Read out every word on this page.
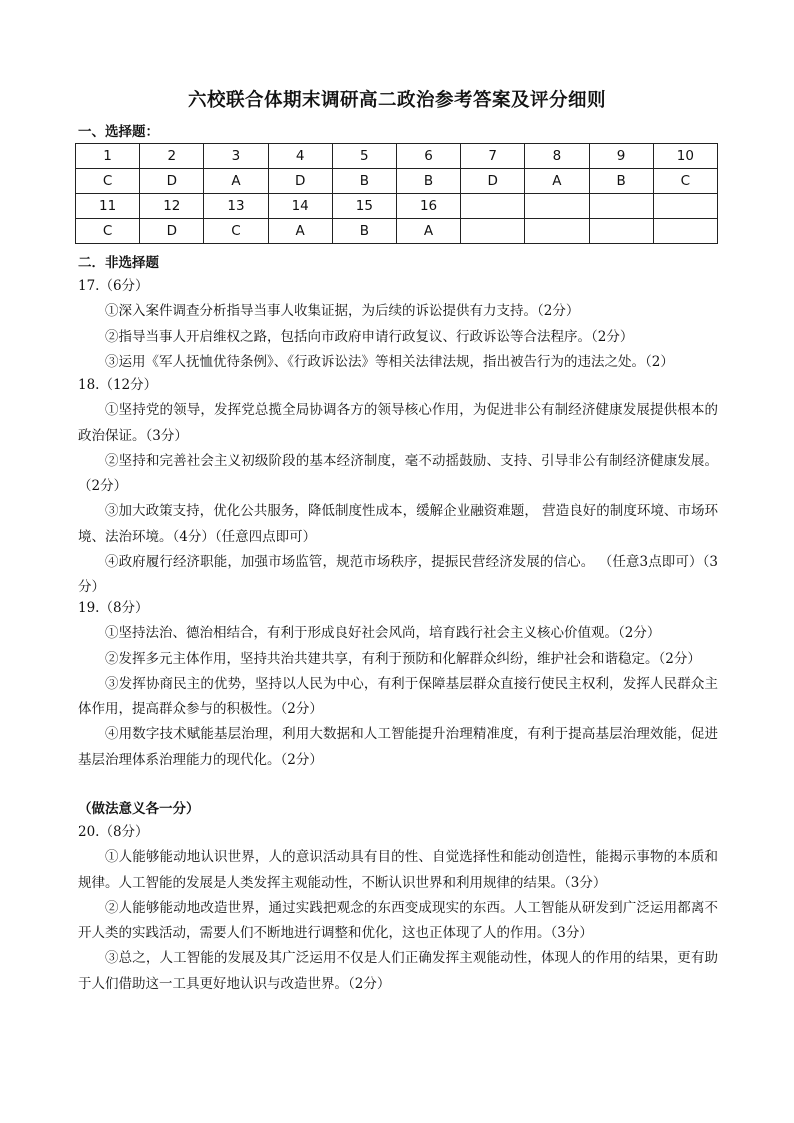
六校联合体期末调研高二政治参考答案及评分细则
一、选择题：
1	2	3	4	5	6	7	8	9	10
C	D	A	D	B	B	D	A	B	C
11	12	13	14	15	16				
C	D	C	A	B	A				
二．非选择题
17.（6分）

①深入案件调查分析指导当事人收集证据，为后续的诉讼提供有力支持。（2分）

②指导当事人开启维权之路，包括向市政府申请行政复议、行政诉讼等合法程序。（2分）

③运用《军人抚恤优待条例》、《行政诉讼法》等相关法律法规，指出被告行为的违法之处。（2）

18.（12分）

①坚持党的领导，发挥党总揽全局协调各方的领导核心作用，为促进非公有制经济健康发展提供根本的政治保证。（3分）

②坚持和完善社会主义初级阶段的基本经济制度，毫不动摇鼓励、支持、引导非公有制经济健康发展。（2分）

③加大政策支持，优化公共服务，降低制度性成本，缓解企业融资难题， 营造良好的制度环境、市场环境、法治环境。（4分）（任意四点即可）

④政府履行经济职能，加强市场监管，规范市场秩序，提振民营经济发展的信心。 （任意3点即可）（3分）

19.（8分）

①坚持法治、德治相结合，有利于形成良好社会风尚，培育践行社会主义核心价值观。（2分）

②发挥多元主体作用，坚持共治共建共享，有利于预防和化解群众纠纷，维护社会和谐稳定。（2分）

③发挥协商民主的优势，坚持以人民为中心，有利于保障基层群众直接行使民主权利，发挥人民群众主体作用，提高群众参与的积极性。（2分）

④用数字技术赋能基层治理，利用大数据和人工智能提升治理精准度，有利于提高基层治理效能，促进基层治理体系治理能力的现代化。（2分）

（做法意义各一分）
20.（8分）

①人能够能动地认识世界，人的意识活动具有目的性、自觉选择性和能动创造性，能揭示事物的本质和规律。人工智能的发展是人类发挥主观能动性，不断认识世界和利用规律的结果。（3分）

②人能够能动地改造世界，通过实践把观念的东西变成现实的东西。人工智能从研发到广泛运用都离不开人类的实践活动，需要人们不断地进行调整和优化，这也正体现了人的作用。（3分）

③总之，人工智能的发展及其广泛运用不仅是人们正确发挥主观能动性，体现人的作用的结果，更有助于人们借助这一工具更好地认识与改造世界。（2分）
